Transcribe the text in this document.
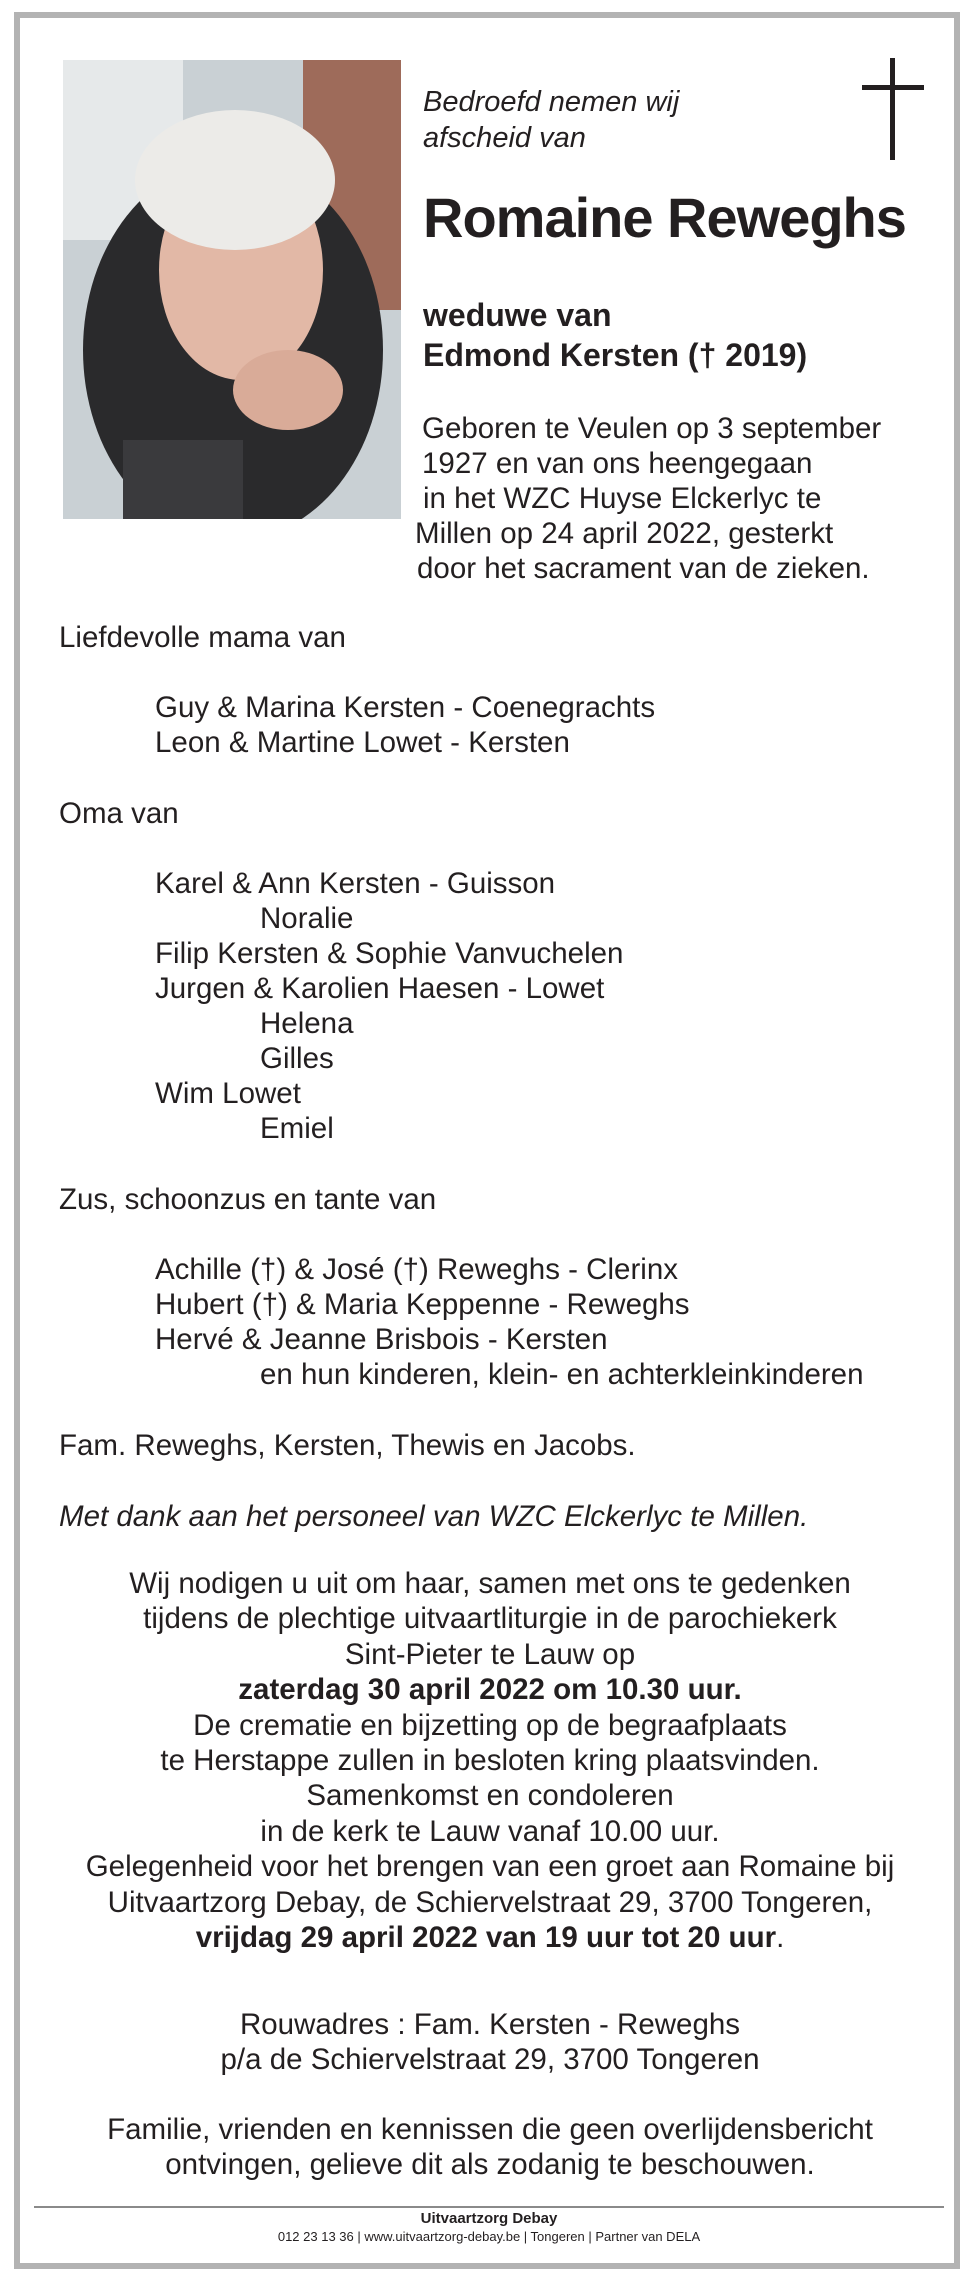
Bedroefd nemen wij
afscheid van
Romaine Reweghs
weduwe van
Edmond Kersten († 2019)
Geboren te Veulen op 3 september
1927 en van ons heengegaan
in het WZC Huyse Elckerlyc te
Millen op 24 april 2022, gesterkt
door het sacrament van de zieken.
Liefdevolle mama van
Guy & Marina Kersten - Coenegrachts
Leon & Martine Lowet - Kersten
Oma van
Karel & Ann Kersten - Guisson
Noralie
Filip Kersten & Sophie Vanvuchelen
Jurgen & Karolien Haesen - Lowet
Helena
Gilles
Wim Lowet
Emiel
Zus, schoonzus en tante van
Achille (†) & José (†) Reweghs - Clerinx
Hubert (†) & Maria Keppenne - Reweghs
Hervé & Jeanne Brisbois - Kersten
en hun kinderen, klein- en achterkleinkinderen
Fam. Reweghs, Kersten, Thewis en Jacobs.
Met dank aan het personeel van WZC Elckerlyc te Millen.
Wij nodigen u uit om haar, samen met ons te gedenken
tijdens de plechtige uitvaartliturgie in de parochiekerk
Sint-Pieter te Lauw op
zaterdag 30 april 2022 om 10.30 uur.
De crematie en bijzetting op de begraafplaats
te Herstappe zullen in besloten kring plaatsvinden.
Samenkomst en condoleren
in de kerk te Lauw vanaf 10.00 uur.
Gelegenheid voor het brengen van een groet aan Romaine bij
Uitvaartzorg Debay, de Schiervelstraat 29, 3700 Tongeren,
vrijdag 29 april 2022 van 19 uur tot 20 uur.
Rouwadres : Fam. Kersten - Reweghs
p/a de Schiervelstraat 29, 3700 Tongeren
Familie, vrienden en kennissen die geen overlijdensbericht
ontvingen, gelieve dit als zodanig te beschouwen.
Uitvaartzorg Debay
012 23 13 36 | www.uitvaartzorg-debay.be | Tongeren | Partner van DELA
